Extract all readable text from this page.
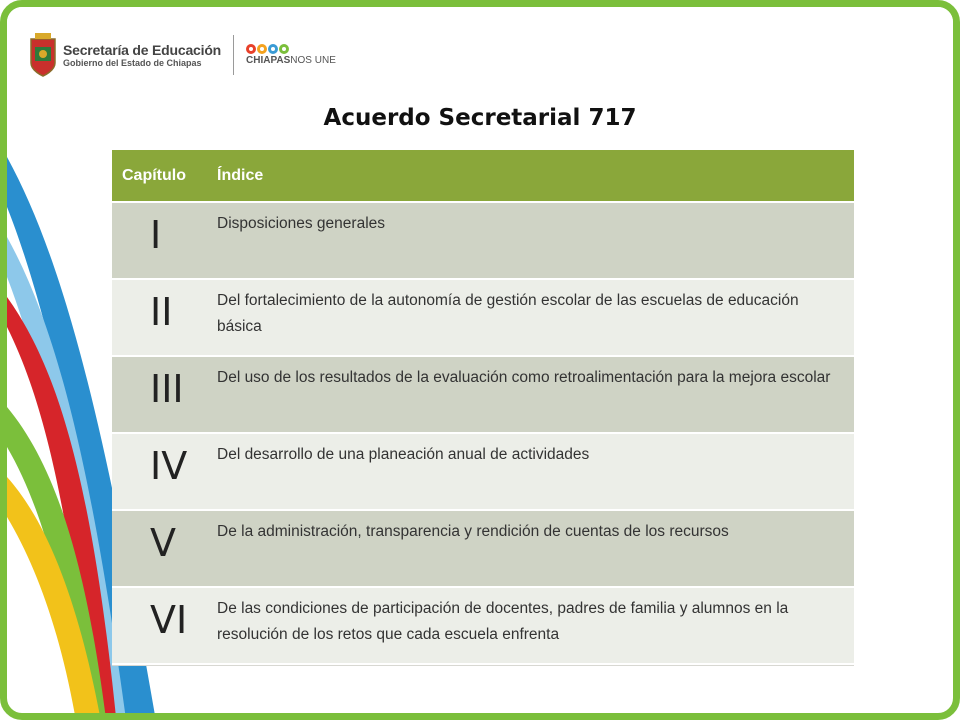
Secretaría de Educación
Gobierno del Estado de Chiapas	CHIAPASNOS UNE
Acuerdo Secretarial 717
Capítulo	Índice
I	Disposiciones generales
II	Del fortalecimiento de la autonomía de gestión escolar de las escuelas de educación básica
III	Del uso de los resultados de la evaluación como retroalimentación para la mejora escolar
IV	Del desarrollo de una planeación anual de actividades
V	De la administración, transparencia y rendición de cuentas de los recursos
VI	De las condiciones de participación de docentes, padres de familia y alumnos en la resolución de los retos que cada escuela enfrenta
